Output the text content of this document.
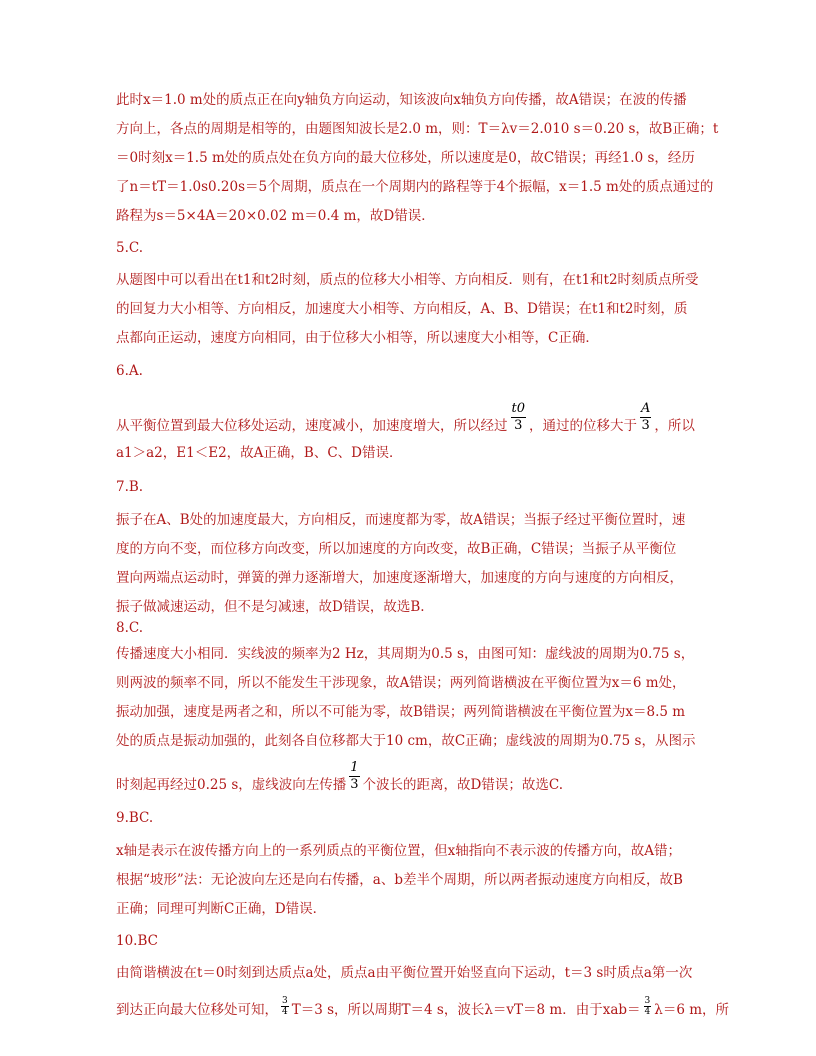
此时x＝1.0 m处的质点正在向y轴负方向运动，知该波向x轴负方向传播，故A错误；在波的传播
方向上，各点的周期是相等的，由题图知波长是2.0 m，则：T＝λv＝2.010 s＝0.20 s，故B正确；t
＝0时刻x＝1.5 m处的质点处在负方向的最大位移处，所以速度是0，故C错误；再经1.0 s，经历
了n＝tT＝1.0s0.20s＝5个周期，质点在一个周期内的路程等于4个振幅，x＝1.5 m处的质点通过的
路程为s＝5×4A＝20×0.02 m＝0.4 m，故D错误．
5.C.
从题图中可以看出在t1和t2时刻，质点的位移大小相等、方向相反．则有，在t1和t2时刻质点所受
的回复力大小相等、方向相反，加速度大小相等、方向相反，A、B、D错误；在t1和t2时刻，质
点都向正运动，速度方向相同，由于位移大小相等，所以速度大小相等，C正确．
6.A.
从平衡位置到最大位移处运动，速度减小，加速度增大，所以经过 $\frac{t0}{3}$ ，通过的位移大于 $\frac{A}{3}$ ，所以
a1＞a2，E1＜E2，故A正确，B、C、D错误．
7.B.
振子在A、B处的加速度最大，方向相反，而速度都为零，故A错误；当振子经过平衡位置时，速
度的方向不变，而位移方向改变，所以加速度的方向改变，故B正确，C错误；当振子从平衡位
置向两端点运动时，弹簧的弹力逐渐增大，加速度逐渐增大，加速度的方向与速度的方向相反，
振子做减速运动，但不是匀减速，故D错误，故选B.
8.C.
传播速度大小相同．实线波的频率为2 Hz，其周期为0.5 s，由图可知：虚线波的周期为0.75 s，
则两波的频率不同，所以不能发生干涉现象，故A错误；两列简谐横波在平衡位置为x＝6 m处，
振动加强，速度是两者之和，所以不可能为零，故B错误；两列简谐横波在平衡位置为x＝8.5 m
处的质点是振动加强的，此刻各自位移都大于10 cm，故C正确；虚线波的周期为0.75 s，从图示
时刻起再经过0.25 s，虚线波向左传播 $\frac{1}{3}$ 个波长的距离，故D错误；故选C.
9.BC.
x轴是表示在波传播方向上的一系列质点的平衡位置，但x轴指向不表示波的传播方向，故A错；
根据“坡形”法：无论波向左还是向右传播，a、b差半个周期，所以两者振动速度方向相反，故B
正确；同理可判断C正确，D错误．
10.BC
由简谐横波在t＝0时刻到达质点a处，质点a由平衡位置开始竖直向下运动，t＝3 s时质点a第一次
到达正向最大位移处可知， $\frac{3}{4} T=3$ s，所以周期T＝4 s，波长λ＝vT＝8 m．由于$xab= \frac{3}{4} \lambda=6$ m，所
